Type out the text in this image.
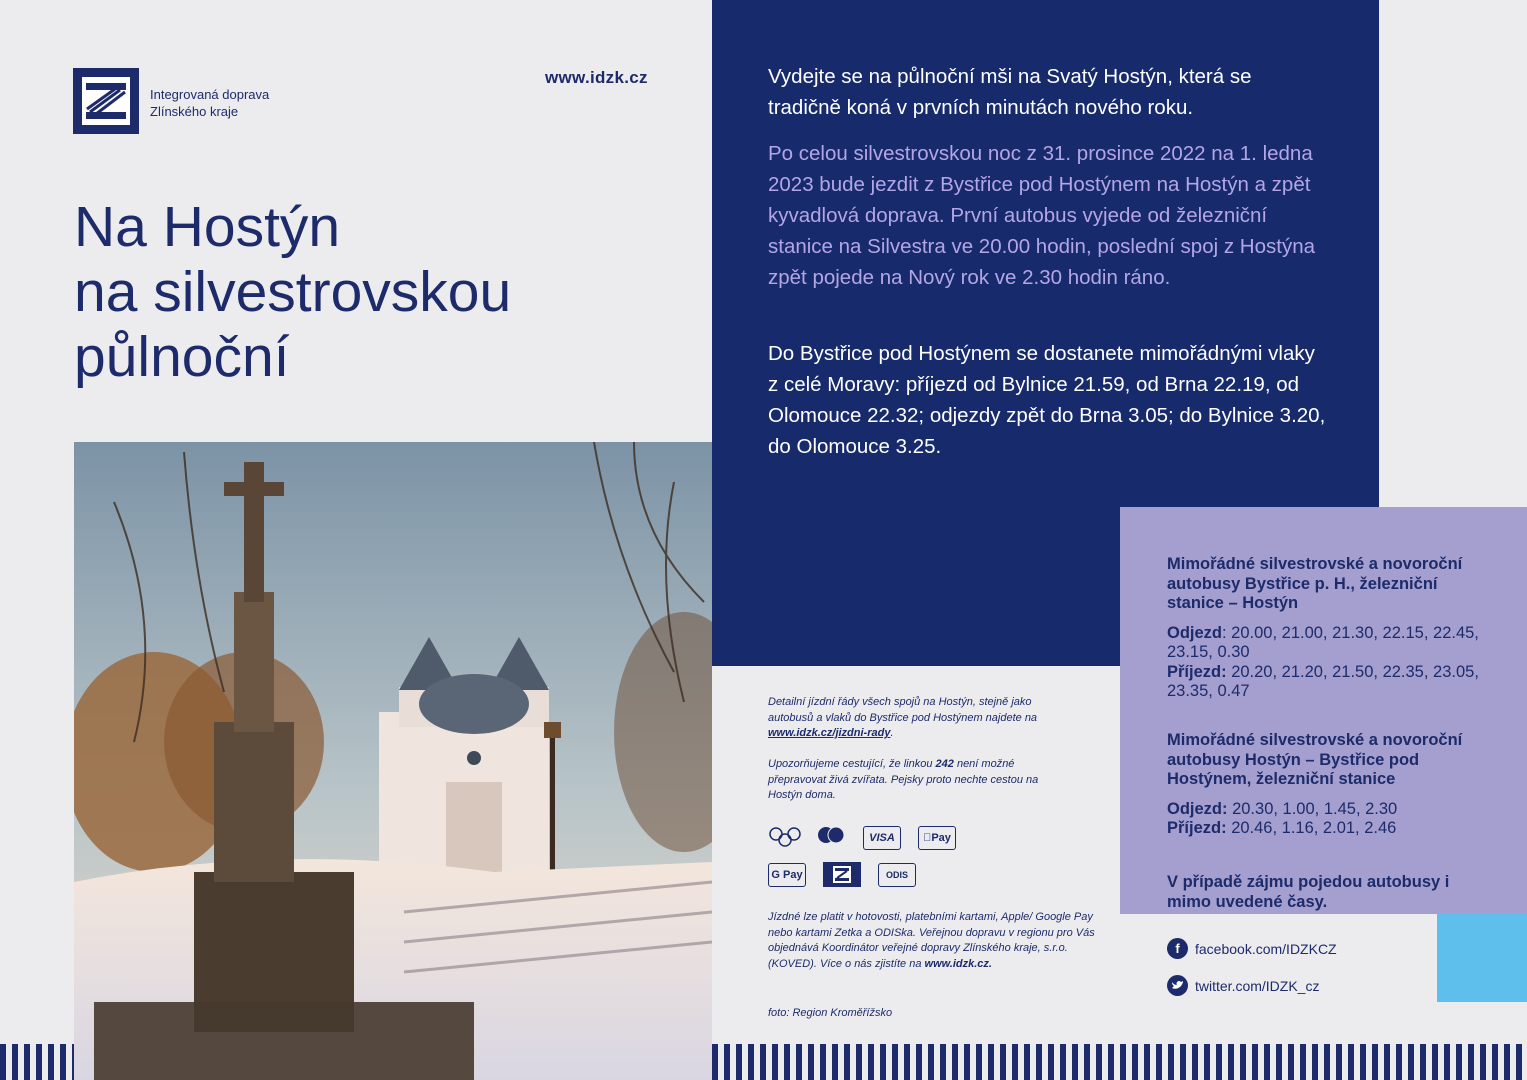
Integrovaná doprava
Zlínského kraje
www.idzk.cz
Na Hostýn
na silvestrovskou
půlnoční
Vydejte se na půlnoční mši na Svatý Hostýn, která se tradičně koná v prvních minutách nového roku.
Po celou silvestrovskou noc z 31. prosince 2022 na 1. ledna 2023 bude jezdit z Bystřice pod Hostýnem na Hostýn a zpět kyvadlová doprava. První autobus vyjede od železniční stanice na Silvestra ve 20.00 hodin, poslední spoj z Hostýna zpět pojede na Nový rok ve 2.30 hodin ráno.
Do Bystřice pod Hostýnem se dostanete mimořádnými vlaky z celé Moravy: příjezd od Bylnice 21.59, od Brna 22.19, od Olomouce 22.32; odjezdy zpět do Brna 3.05; do Bylnice 3.20, do Olomouce 3.25.
Mimořádné silvestrovské a novoroční autobusy Bystřice p. H., železniční stanice – Hostýn
Odjezd: 20.00, 21.00, 21.30, 22.15, 22.45, 23.15, 0.30
Příjezd: 20.20, 21.20, 21.50, 22.35, 23.05, 23.35, 0.47
Mimořádné silvestrovské a novoroční autobusy Hostýn – Bystřice pod Hostýnem, železniční stanice
Odjezd: 20.30, 1.00, 1.45, 2.30
Příjezd: 20.46, 1.16, 2.01, 2.46
V případě zájmu pojedou autobusy i mimo uvedené časy.
Detailní jízdní řády všech spojů na Hostýn, stejně jako autobusů a vlaků do Bystřice pod Hostýnem najdete na www.idzk.cz/jizdni-rady.
Upozorňujeme cestující, že linkou 242 není možné přepravovat živá zvířata. Pejsky proto nechte cestou na Hostýn doma.
VISA	Pay
G Pay	ODIS
Jízdné lze platit v hotovosti, platebními kartami, Apple/ Google Pay nebo kartami Zetka a ODISka. Veřejnou dopravu v regionu pro Vás objednává Koordinátor veřejné dopravy Zlínského kraje, s.r.o. (KOVED). Více o nás zjistíte na www.idzk.cz.
foto: Region Kroměřížsko
f	facebook.com/IDZKCZ
twitter.com/IDZK_cz
